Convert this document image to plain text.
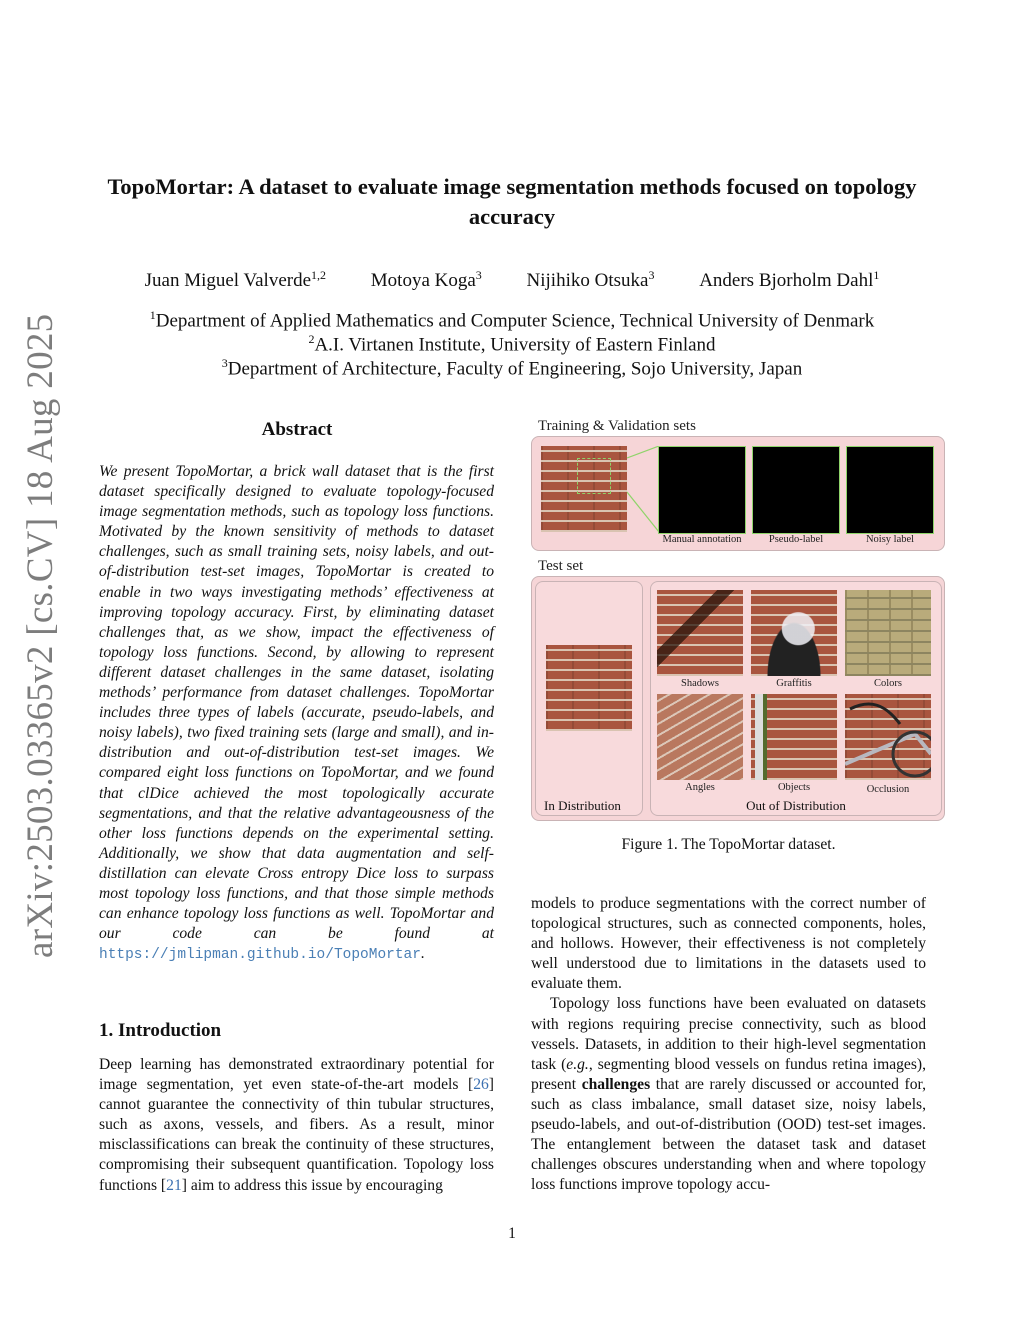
arXiv:2503.03365v2 [cs.CV] 18 Aug 2025
TopoMortar: A dataset to evaluate image segmentation methods focused on topology accuracy
Juan Miguel Valverde$^{1,2}$ Motoya Koga$^3$ Nijihiko Otsuka$^3$ Anders Bjorholm Dahl$^1$
$^1$Department of Applied Mathematics and Computer Science, Technical University of Denmark
$^2$A.I. Virtanen Institute, University of Eastern Finland
$^3$Department of Architecture, Faculty of Engineering, Sojo University, Japan
Abstract
We present TopoMortar, a brick wall dataset that is the first dataset specifically designed to evaluate topology-focused image segmentation methods, such as topology loss functions. Motivated by the known sensitivity of methods to dataset challenges, such as small training sets, noisy labels, and out-of-distribution test-set images, TopoMortar is created to enable in two ways investigating methods’ effectiveness at improving topology accuracy. First, by eliminating dataset challenges that, as we show, impact the effectiveness of topology loss functions. Second, by allowing to represent different dataset challenges in the same dataset, isolating methods’ performance from dataset challenges. TopoMortar includes three types of labels (accurate, pseudo-labels, and noisy labels), two fixed training sets (large and small), and in-distribution and out-of-distribution test-set images. We compared eight loss functions on TopoMortar, and we found that clDice achieved the most topologically accurate segmentations, and that the relative advantageousness of the other loss functions depends on the experimental setting. Additionally, we show that data augmentation and self-distillation can elevate Cross entropy Dice loss to surpass most topology loss functions, and that those simple methods can enhance topology loss functions as well. TopoMortar and our code can be found at https://jmlipman.github.io/TopoMortar.
1. Introduction
Deep learning has demonstrated extraordinary potential for image segmentation, yet even state-of-the-art models [26] cannot guarantee the connectivity of thin tubular structures, such as axons, vessels, and fibers. As a result, minor misclassifications can break the continuity of these structures, compromising their subsequent quantification. Topology loss functions [21] aim to address this issue by encouraging

models to produce segmentations with the correct number of topological structures, such as connected components, holes, and hollows. However, their effectiveness is not completely well understood due to limitations in the datasets used to evaluate them.

Topology loss functions have been evaluated on datasets with regions requiring precise connectivity, such as blood vessels. Datasets, in addition to their high-level segmentation task (e.g., segmenting blood vessels on fundus retina images), present challenges that are rarely discussed or accounted for, such as class imbalance, small dataset size, noisy labels, pseudo-labels, and out-of-distribution (OOD) test-set images. The entanglement between the dataset task and dataset challenges obscures understanding when and where topology loss functions improve topology accu-

Training & Validation sets
Manual annotation	Pseudo-label	Noisy label
Test set
In Distribution
Shadows	Graffitis	Colors
Angles	Objects	Occlusion
Out of Distribution
Figure 1. The TopoMortar dataset.
1
